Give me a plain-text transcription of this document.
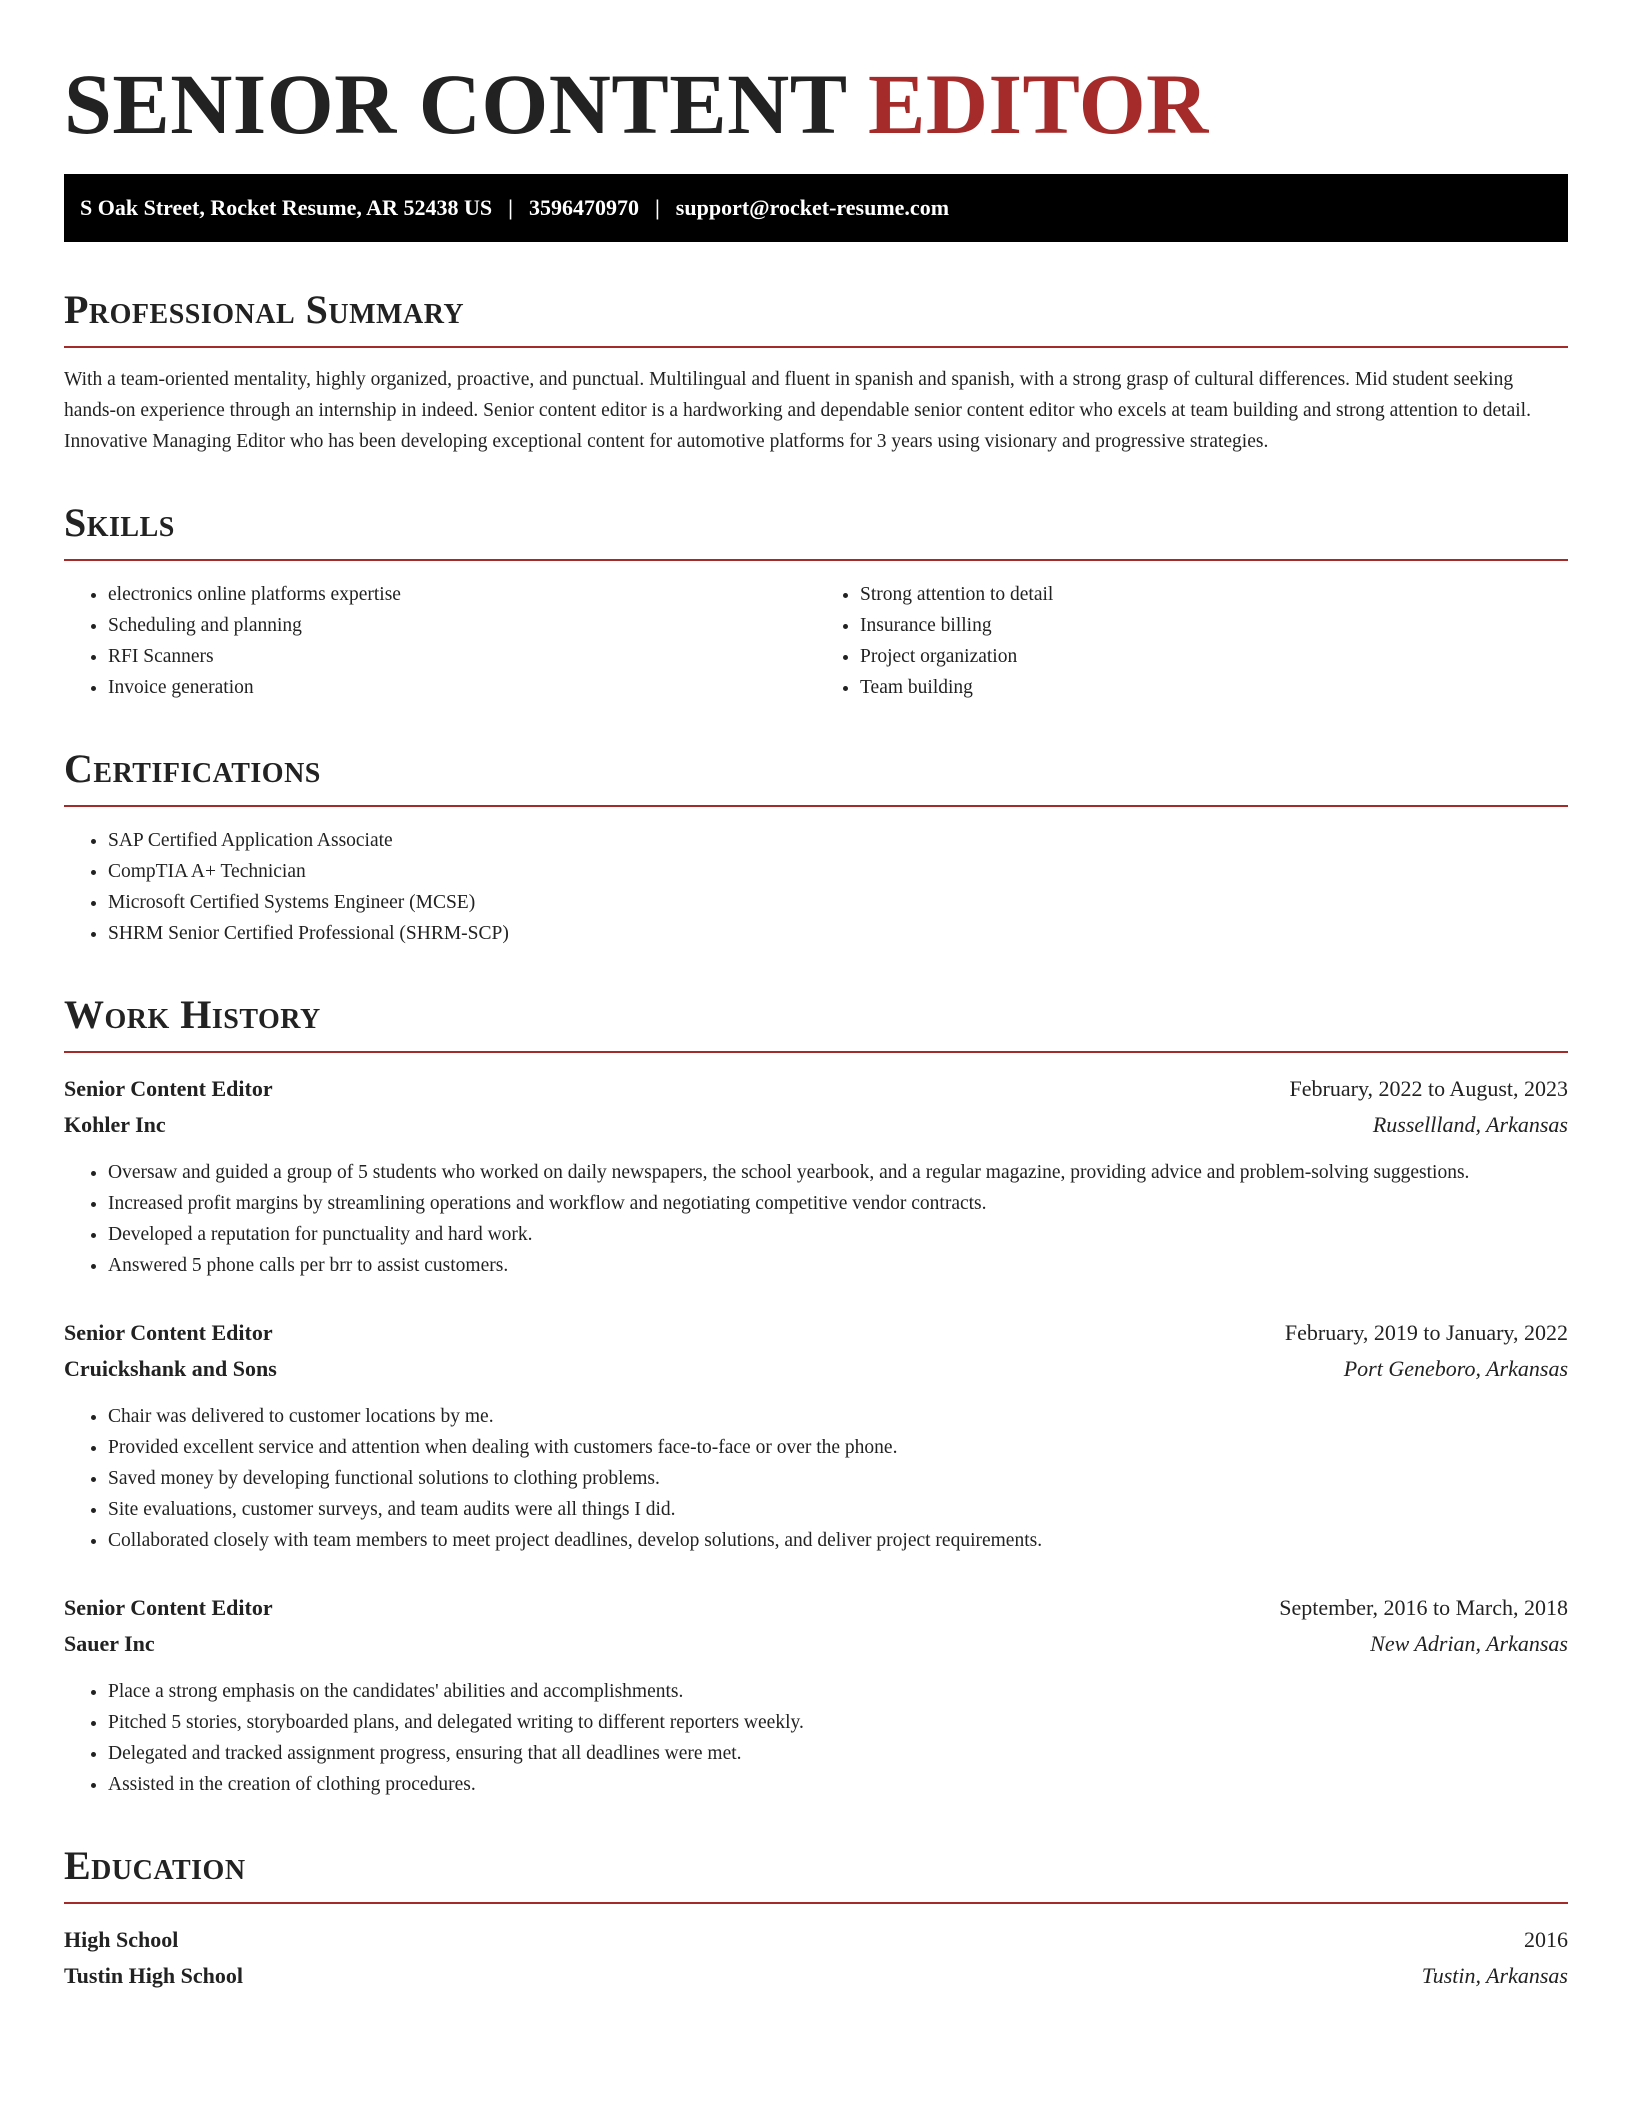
SENIOR CONTENT EDITOR
S Oak Street, Rocket Resume, AR 52438 US | 3596470970 | support@rocket-resume.com
Professional Summary

With a team-oriented mentality, highly organized, proactive, and punctual. Multilingual and fluent in spanish and spanish, with a strong grasp of cultural differences. Mid student seeking hands-on experience through an internship in indeed. Senior content editor is a hardworking and dependable senior content editor who excels at team building and strong attention to detail. Innovative Managing Editor who has been developing exceptional content for automotive platforms for 3 years using visionary and progressive strategies.

Skills
• electronics online platforms expertise
• Scheduling and planning
• RFI Scanners
• Invoice generation
• Strong attention to detail
• Insurance billing
• Project organization
• Team building
Certifications
• SAP Certified Application Associate
• CompTIA A+ Technician
• Microsoft Certified Systems Engineer (MCSE)
• SHRM Senior Certified Professional (SHRM-SCP)
Work History
Senior Content Editor	February, 2022 to August, 2023
Kohler Inc	Russellland, Arkansas
• Oversaw and guided a group of 5 students who worked on daily newspapers, the school yearbook, and a regular magazine, providing advice and problem-solving suggestions.
• Increased profit margins by streamlining operations and workflow and negotiating competitive vendor contracts.
• Developed a reputation for punctuality and hard work.
• Answered 5 phone calls per brr to assist customers.
Senior Content Editor	February, 2019 to January, 2022
Cruickshank and Sons	Port Geneboro, Arkansas
• Chair was delivered to customer locations by me.
• Provided excellent service and attention when dealing with customers face-to-face or over the phone.
• Saved money by developing functional solutions to clothing problems.
• Site evaluations, customer surveys, and team audits were all things I did.
• Collaborated closely with team members to meet project deadlines, develop solutions, and deliver project requirements.
Senior Content Editor	September, 2016 to March, 2018
Sauer Inc	New Adrian, Arkansas
• Place a strong emphasis on the candidates' abilities and accomplishments.
• Pitched 5 stories, storyboarded plans, and delegated writing to different reporters weekly.
• Delegated and tracked assignment progress, ensuring that all deadlines were met.
• Assisted in the creation of clothing procedures.
Education
High School	2016
Tustin High School	Tustin, Arkansas
